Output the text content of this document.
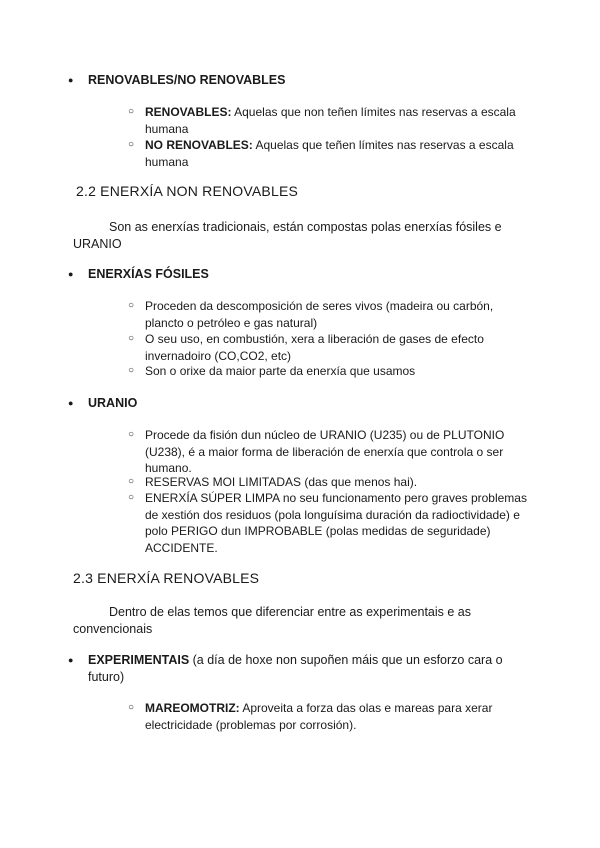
● RENOVABLES/NO RENOVABLES
○ RENOVABLES: Aquelas que non teñen límites nas reservas a escala humana
○ NO RENOVABLES: Aquelas que teñen límites nas reservas a escala humana
2.2 ENERXÍA NON RENOVABLES
Son as enerxías tradicionais, están compostas polas enerxías fósiles e URANIO
● ENERXÍAS FÓSILES
○ Proceden da descomposición de seres vivos (madeira ou carbón, plancto o petróleo e gas natural)
○ O seu uso, en combustión, xera a liberación de gases de efecto invernadoiro (CO,CO2, etc)
○ Son o orixe da maior parte da enerxía que usamos
● URANIO
○ Procede da fisión dun núcleo de URANIO (U235) ou de PLUTONIO (U238), é a maior forma de liberación de enerxía que controla o ser humano.
○ RESERVAS MOI LIMITADAS (das que menos hai).
○ ENERXÍA SÚPER LIMPA no seu funcionamento pero graves problemas de xestión dos residuos (pola longuísima duración da radioctividade) e polo PERIGO dun IMPROBABLE (polas medidas de seguridade) ACCIDENTE.
2.3 ENERXÍA RENOVABLES
Dentro de elas temos que diferenciar entre as experimentais e as convencionais
● EXPERIMENTAIS (a día de hoxe non supoñen máis que un esforzo cara o futuro)
○ MAREOMOTRIZ: Aproveita a forza das olas e mareas para xerar electricidade (problemas por corrosión).
